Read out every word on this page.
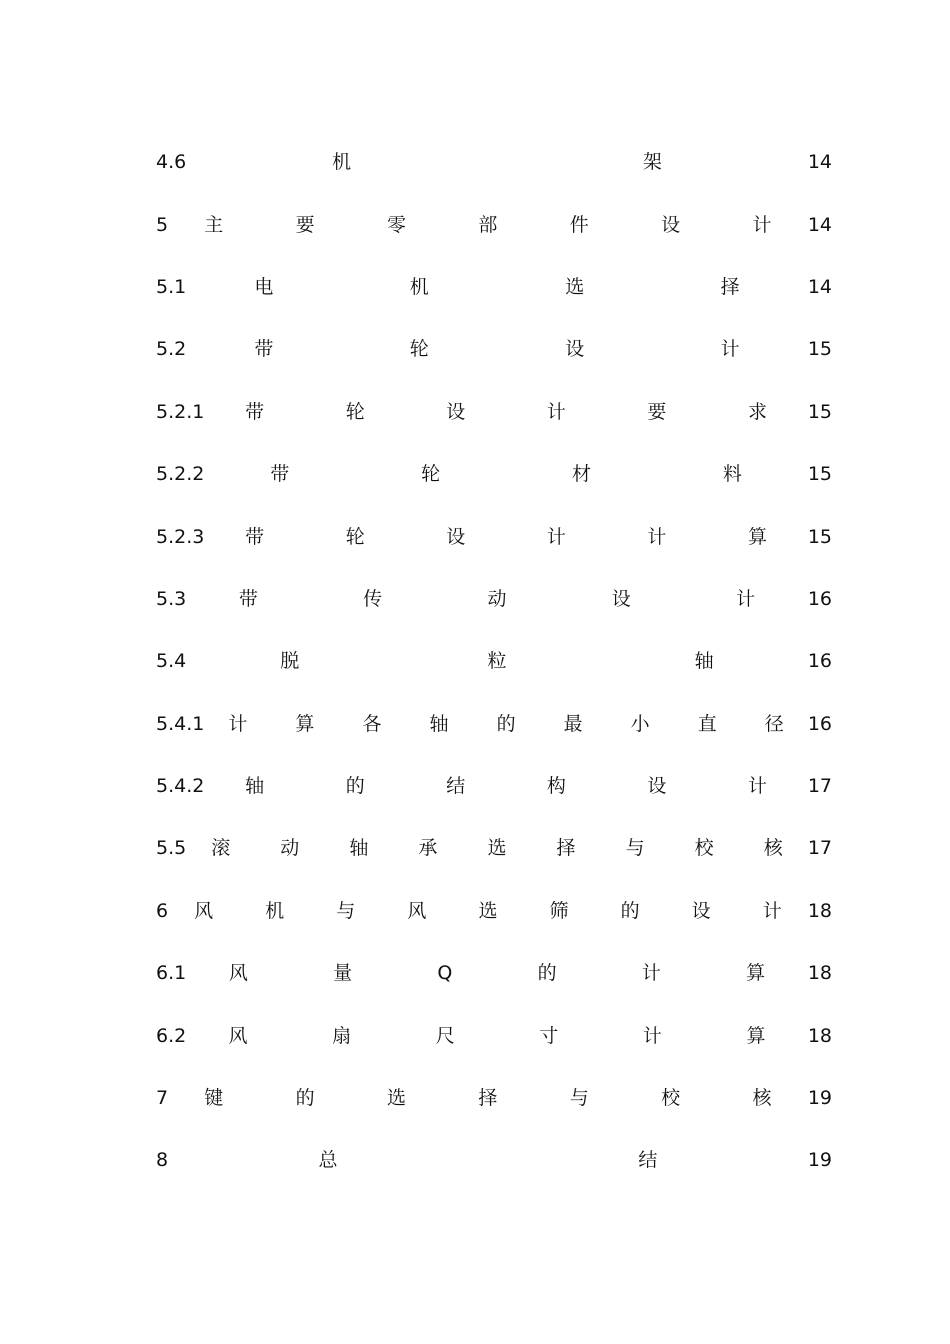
4.6	机	架	14
5 主	要	零	部	件	设	计 14
5.1	电	机	选	择	14
5.2	带	轮	设	计	15
5.2.1 带	轮	设	计	要	求 15
5.2.2	带	轮	材	料	15
5.2.3 带	轮	设	计	计	算 15
5.3	带	传	动	设	计	16
5.4	脱	粒	轴	16
5.4.1 计	算	各	轴	的	最	小	直	径 16
5.4.2 轴	的	结	构	设	计 17
5.5 滚	动	轴	承	选	择	与	校	核 17
6 风	机	与	风	选	筛	的	设	计 18
6.1 风	量	Q	的	计	算 18
6.2 风	扇	尺	寸	计	算 18
7 键	的	选	择	与	校	核 19
8	总	结	19
